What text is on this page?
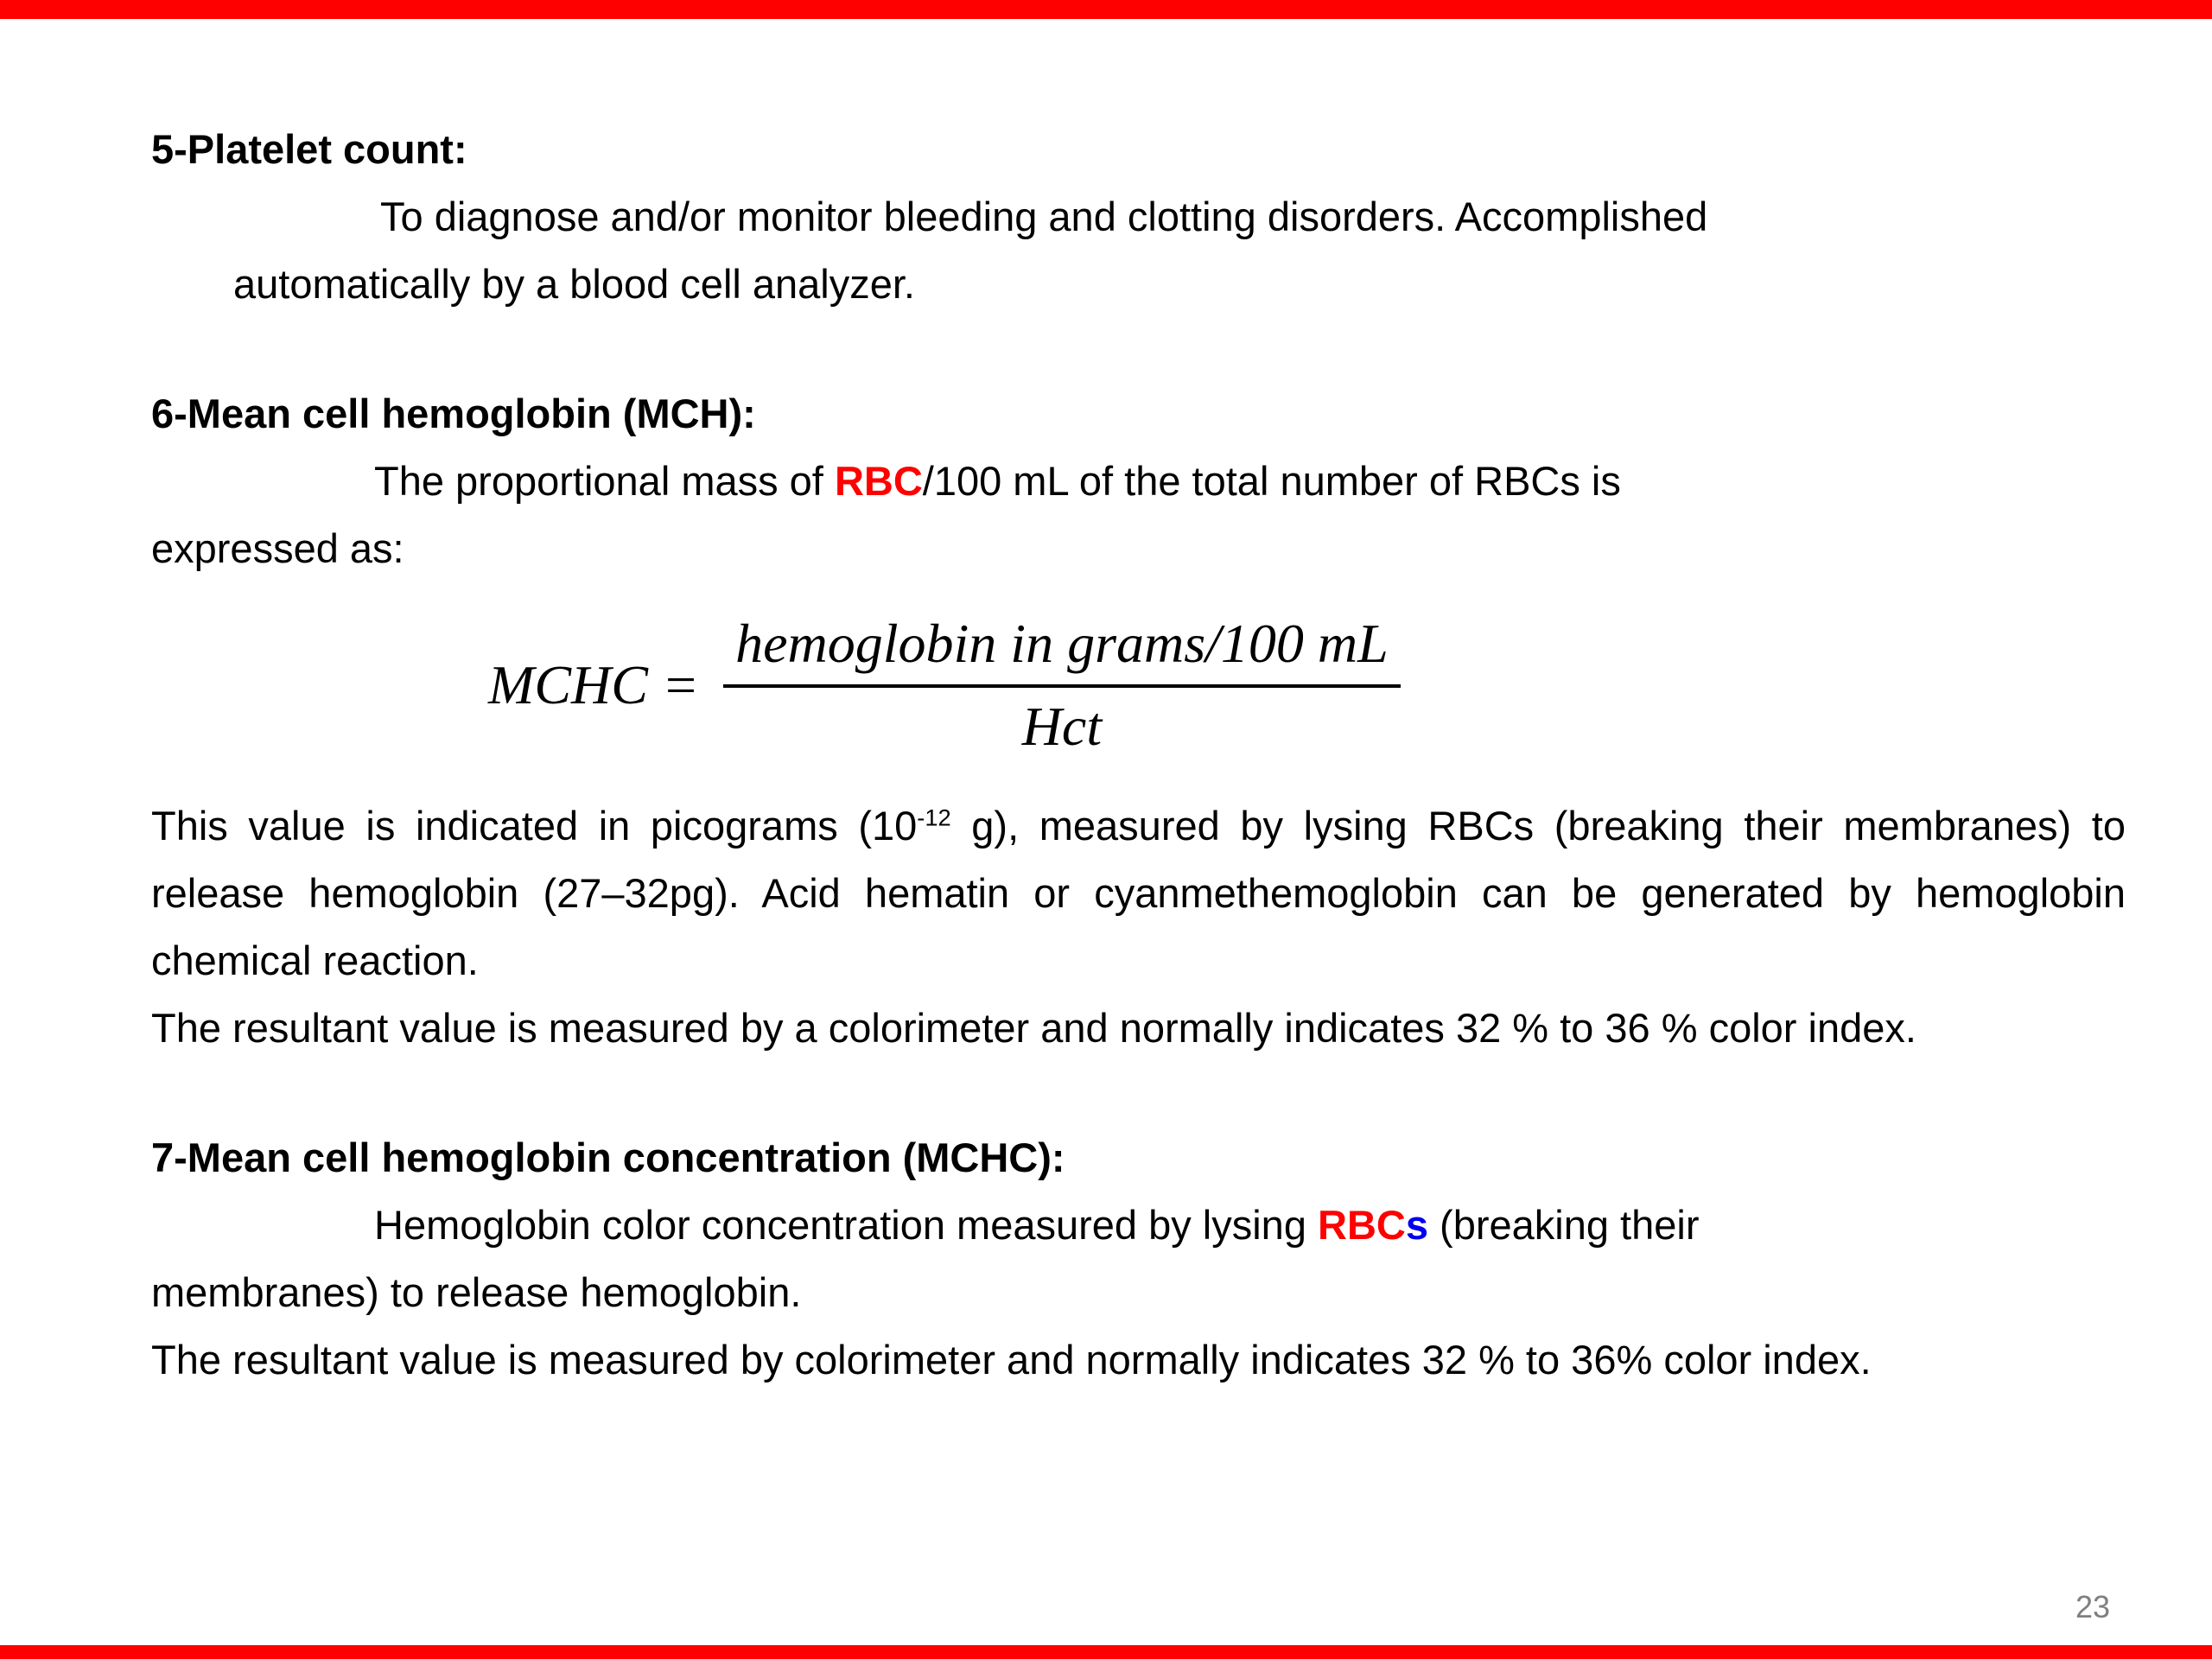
5-Platelet count:

To diagnose and/or monitor bleeding and clotting disorders. Accomplished
automatically by a blood cell analyzer.

6-Mean cell hemoglobin (MCH):

The proportional mass of RBC/100 mL of the total number of RBCs is
expressed as:

MCHC = $\frac{\text{hemoglobin in grams/100 mL}}{\text{Hct}}$

This value is indicated in picograms ($10^{-12}$ g), measured by lysing RBCs (breaking their membranes) to release hemoglobin (27–32pg). Acid hematin or cyanmethemoglobin can be generated by hemoglobin chemical reaction.

The resultant value is measured by a colorimeter and normally indicates 32 % to 36 % color index.

7-Mean cell hemoglobin concentration (MCHC):

Hemoglobin color concentration measured by lysing RBCs (breaking their
membranes) to release hemoglobin.

The resultant value is measured by colorimeter and normally indicates 32 % to 36% color index.

23
